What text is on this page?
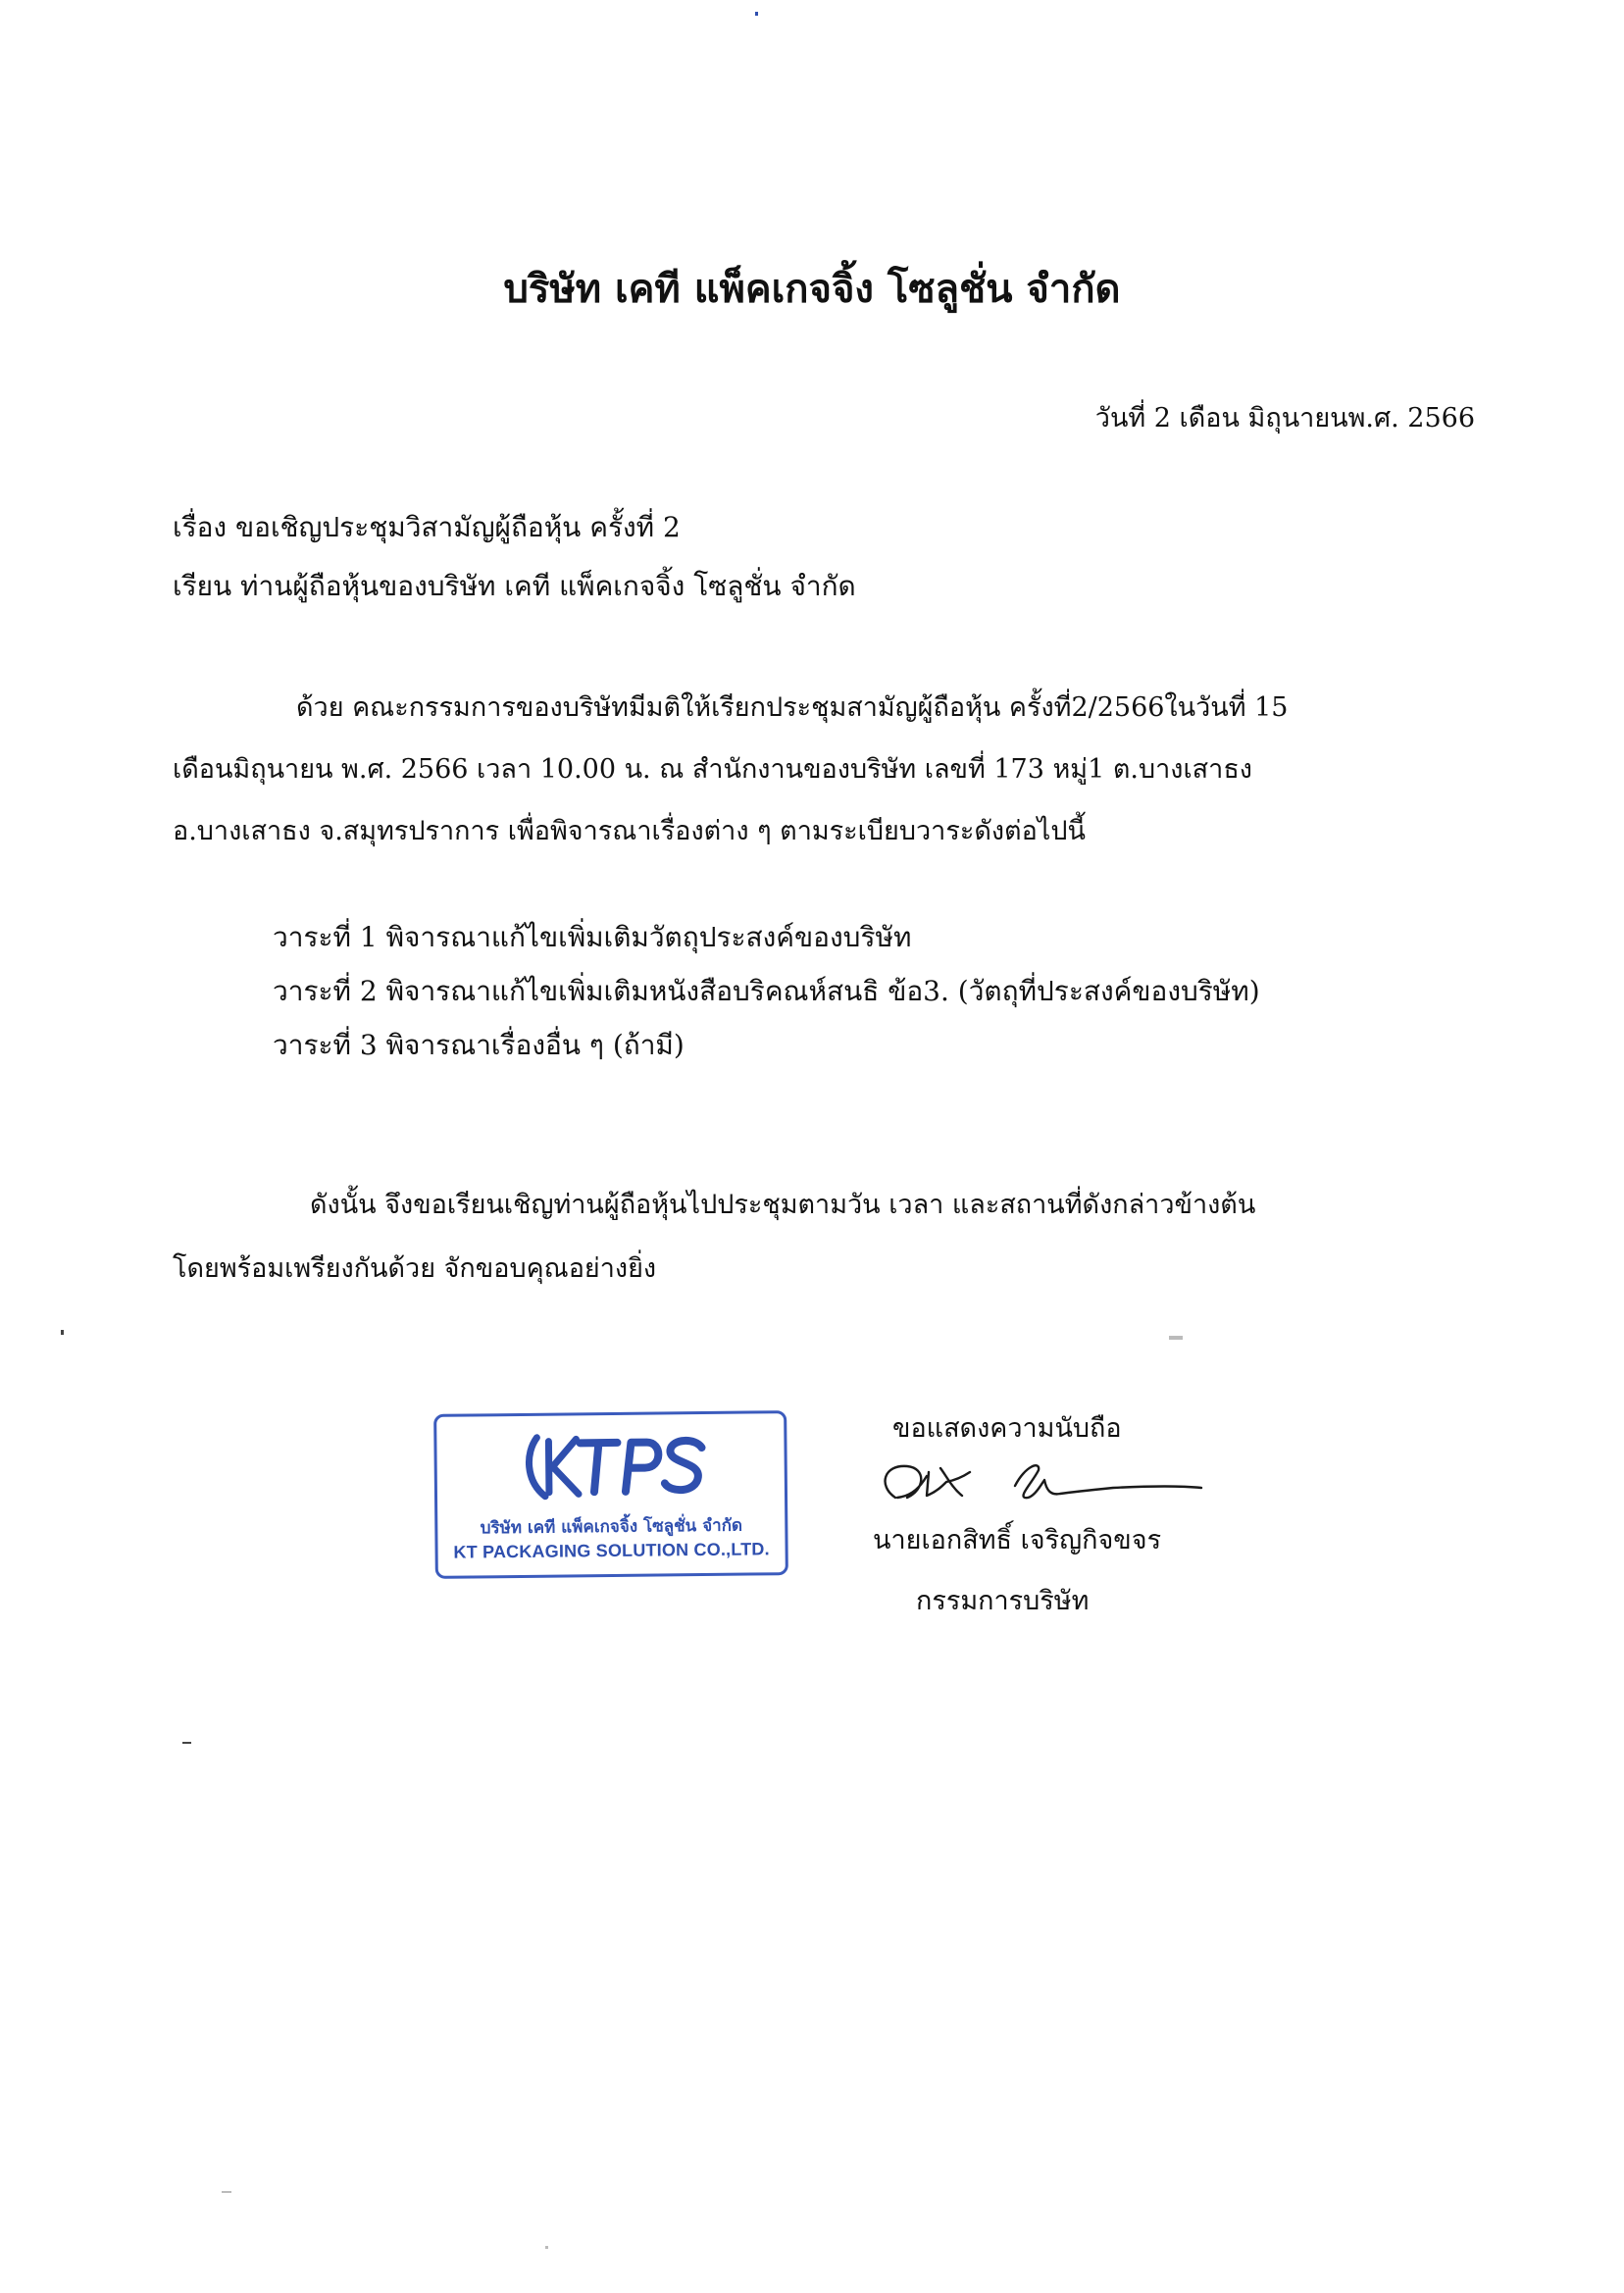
บริษัท เคที แพ็คเกจจิ้ง โซลูชั่น จำกัด
วันที่ 2 เดือน มิถุนายนพ.ศ. 2566
เรื่อง ขอเชิญประชุมวิสามัญผู้ถือหุ้น ครั้งที่ 2
เรียน ท่านผู้ถือหุ้นของบริษัท เคที แพ็คเกจจิ้ง โซลูชั่น จำกัด
ด้วย คณะกรรมการของบริษัทมีมติให้เรียกประชุมสามัญผู้ถือหุ้น ครั้งที่2/2566ในวันที่ 15
เดือนมิถุนายน พ.ศ. 2566 เวลา 10.00 น. ณ สำนักงานของบริษัท เลขที่ 173 หมู่1 ต.บางเสาธง
อ.บางเสาธง จ.สมุทรปราการ เพื่อพิจารณาเรื่องต่าง ๆ ตามระเบียบวาระดังต่อไปนี้
วาระที่ 1 พิจารณาแก้ไขเพิ่มเติมวัตถุประสงค์ของบริษัท
วาระที่ 2 พิจารณาแก้ไขเพิ่มเติมหนังสือบริคณห์สนธิ ข้อ3. (วัตถุที่ประสงค์ของบริษัท)
วาระที่ 3 พิจารณาเรื่องอื่น ๆ (ถ้ามี)
ดังนั้น จึงขอเรียนเชิญท่านผู้ถือหุ้นไปประชุมตามวัน เวลา และสถานที่ดังกล่าวข้างต้น
โดยพร้อมเพรียงกันด้วย จักขอบคุณอย่างยิ่ง
บริษัท เคที แพ็คเกจจิ้ง โซลูชั่น จำกัด
KT PACKAGING SOLUTION CO.,LTD.
ขอแสดงความนับถือ
นายเอกสิทธิ์ เจริญกิจขจร
กรรมการบริษัท
